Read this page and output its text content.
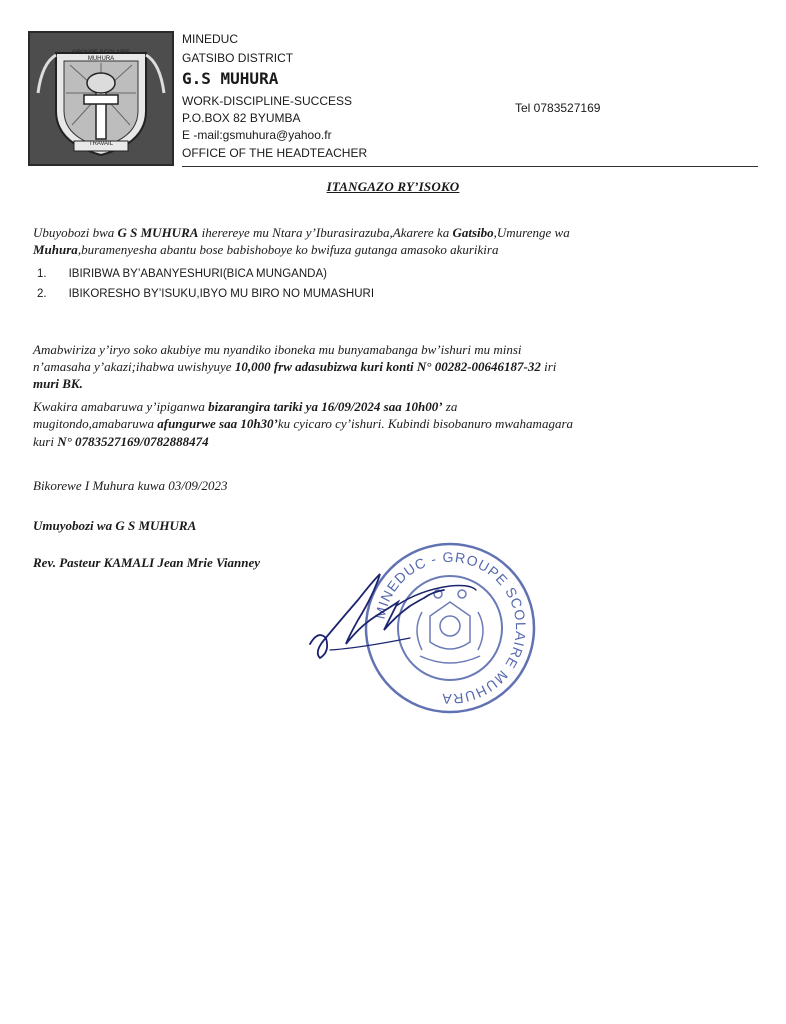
GROUPE SCOLAIRE MUHURA
TRAVAIL
MINEDUC
GATSIBO DISTRICT
G.S MUHURA
WORK-DISCIPLINE-SUCCESS
P.O.BOX 82 BYUMBA
E -mail:gsmuhura@yahoo.fr
OFFICE OF THE HEADTEACHER
Tel 0783527169
ITANGAZO RY’ISOKO
Ubuyobozi bwa G S MUHURA iherereye mu Ntara y’Iburasirazuba,Akarere ka Gatsibo,Umurenge wa
Muhura,buramenyesha abantu bose babishoboye ko bwifuza gutanga amasoko akurikira
1. IBIRIBWA BY’ABANYESHURI(BICA MUNGANDA)
2. IBIKORESHO BY’ISUKU,IBYO MU BIRO NO MUMASHURI
Amabwiriza y’iryo soko akubiye mu nyandiko iboneka mu bunyamabanga bw’ishuri mu minsi
n’amasaha y’akazi;ihabwa uwishyuye 10,000 frw adasubizwa kuri konti N° 00282-00646187-32 iri
muri BK.
Kwakira amabaruwa y’ipiganwa bizarangira tariki ya 16/09/2024 saa 10h00’ za
mugitondo,amabaruwa afungurwe saa 10h30’ku cyicaro cy’ishuri. Kubindi bisobanuro mwahamagara
kuri N° 0783527169/0782888474
Bikorewe I Muhura kuwa 03/09/2023
Umuyobozi wa G S MUHURA
Rev. Pasteur KAMALI Jean Mrie Vianney
MINEDUC - GROUPE SCOLAIRE MUHURA
